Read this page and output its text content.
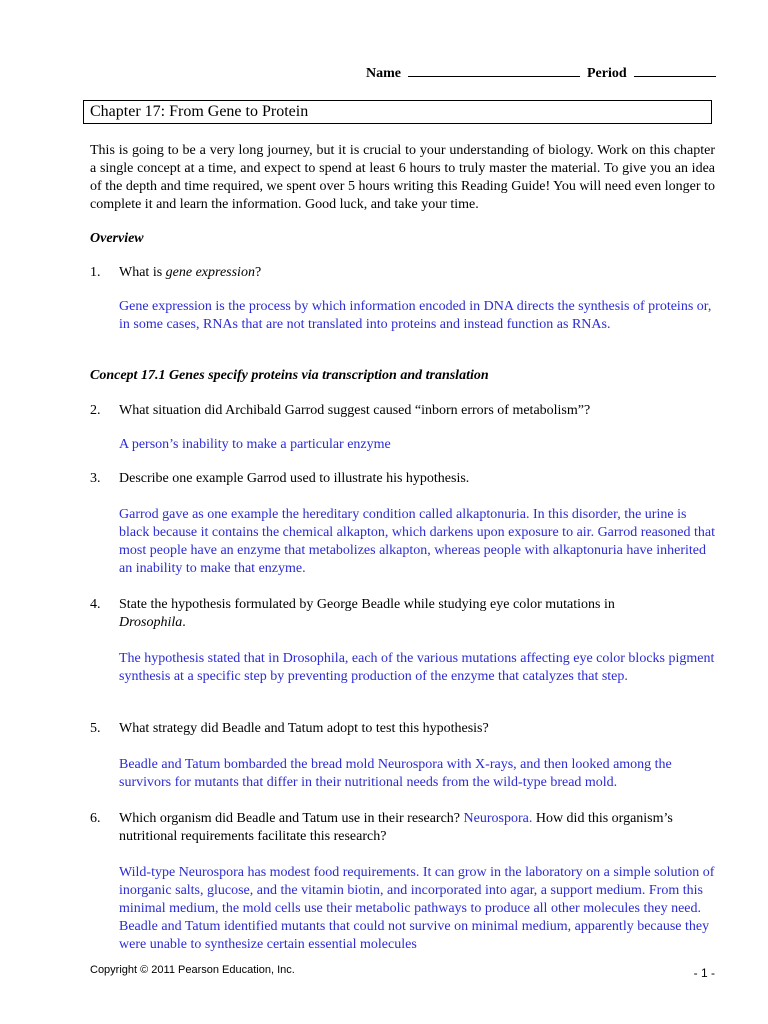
Name	Period
Chapter 17: From Gene to Protein
This is going to be a very long journey, but it is crucial to your understanding of biology. Work on this chapter a single concept at a time, and expect to spend at least 6 hours to truly master the material. To give you an idea of the depth and time required, we spent over 5 hours writing this Reading Guide! You will need even longer to complete it and learn the information. Good luck, and take your time.
Overview
1. What is gene expression?
Gene expression is the process by which information encoded in DNA directs the synthesis of proteins or, in some cases, RNAs that are not translated into proteins and instead function as RNAs.
Concept 17.1 Genes specify proteins via transcription and translation
2. What situation did Archibald Garrod suggest caused “inborn errors of metabolism”?
A person’s inability to make a particular enzyme
3. Describe one example Garrod used to illustrate his hypothesis.
Garrod gave as one example the hereditary condition called alkaptonuria. In this disorder, the urine is black because it contains the chemical alkapton, which darkens upon exposure to air. Garrod reasoned that most people have an enzyme that metabolizes alkapton, whereas people with alkaptonuria have inherited an inability to make that enzyme.
4. State the hypothesis formulated by George Beadle while studying eye color mutations in
Drosophila.
The hypothesis stated that in Drosophila, each of the various mutations affecting eye color blocks pigment synthesis at a specific step by preventing production of the enzyme that catalyzes that step.
5. What strategy did Beadle and Tatum adopt to test this hypothesis?
Beadle and Tatum bombarded the bread mold Neurospora with X-rays, and then looked among the survivors for mutants that differ in their nutritional needs from the wild-type bread mold.
6. Which organism did Beadle and Tatum use in their research? Neurospora. How did this organism’s nutritional requirements facilitate this research?
Wild-type Neurospora has modest food requirements. It can grow in the laboratory on a simple solution of inorganic salts, glucose, and the vitamin biotin, and incorporated into agar, a support medium. From this minimal medium, the mold cells use their metabolic pathways to produce all other molecules they need. Beadle and Tatum identified mutants that could not survive on minimal medium, apparently because they were unable to synthesize certain essential molecules
Copyright © 2011 Pearson Education, Inc.	- 1 -
